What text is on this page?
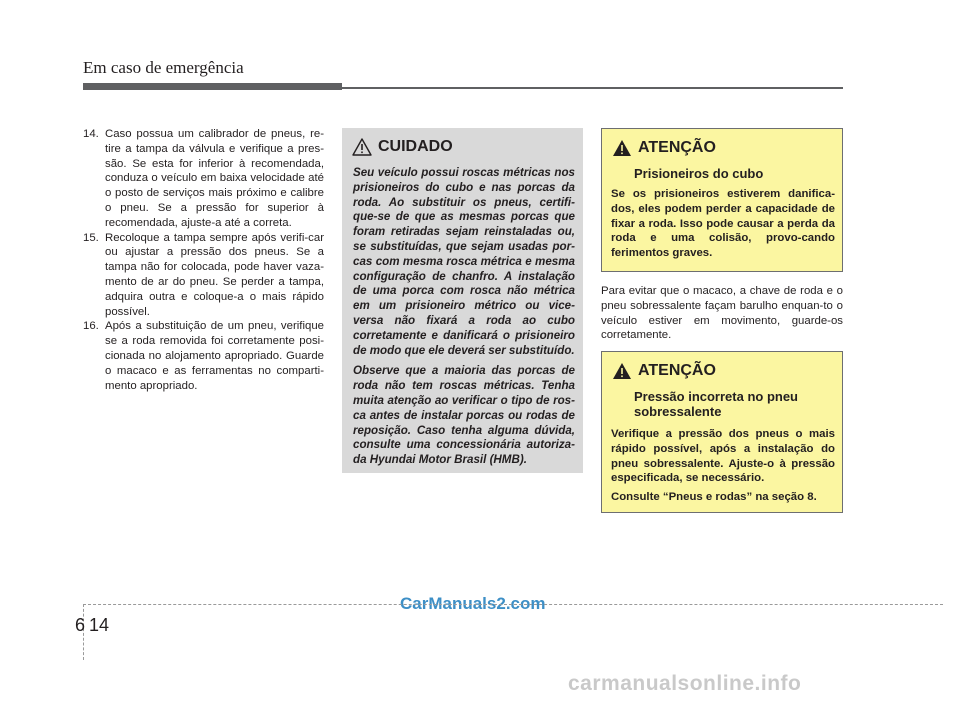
Em caso de emergência
14. Caso possua um calibrador de pneus, re-tire a tampa da válvula e verifique a pres-são. Se esta for inferior à recomendada, conduza o veículo em baixa velocidade até o posto de serviços mais próximo e calibre o pneu. Se a pressão for superior à recomendada, ajuste-a até a correta.
15. Recoloque a tampa sempre após verifi-car ou ajustar a pressão dos pneus. Se a tampa não for colocada, pode haver vaza-mento de ar do pneu. Se perder a tampa, adquira outra e coloque-a o mais rápido possível.
16. Após a substituição de um pneu, verifique se a roda removida foi corretamente posi-cionada no alojamento apropriado. Guarde o macaco e as ferramentas no comparti-mento apropriado.
CUIDADO

Seu veículo possui roscas métricas nos prisioneiros do cubo e nas porcas da roda. Ao substituir os pneus, certifi-que-se de que as mesmas porcas que foram retiradas sejam reinstaladas ou, se substituídas, que sejam usadas por-cas com mesma rosca métrica e mesma configuração de chanfro. A instalação de uma porca com rosca não métrica em um prisioneiro métrico ou vice-versa não fixará a roda ao cubo corretamente e danificará o prisioneiro de modo que ele deverá ser substituído.

Observe que a maioria das porcas de roda não tem roscas métricas. Tenha muita atenção ao verificar o tipo de ros-ca antes de instalar porcas ou rodas de reposição. Caso tenha alguma dúvida, consulte uma concessionária autoriza-da Hyundai Motor Brasil (HMB).

ATENÇÃO
Prisioneiros do cubo

Se os prisioneiros estiverem danifica-dos, eles podem perder a capacidade de fixar a roda. Isso pode causar a perda da roda e uma colisão, provo-cando ferimentos graves.

Para evitar que o macaco, a chave de roda e o pneu sobressalente façam barulho enquan-to o veículo estiver em movimento, guarde-os corretamente.
ATENÇÃO
Pressão incorreta no pneu sobressalente

Verifique a pressão dos pneus o mais rápido possível, após a instalação do pneu sobressalente. Ajuste-o à pressão especificada, se necessário.

Consulte “Pneus e rodas” na seção 8.

CarManuals2.com
6 14
carmanualsonline.info
